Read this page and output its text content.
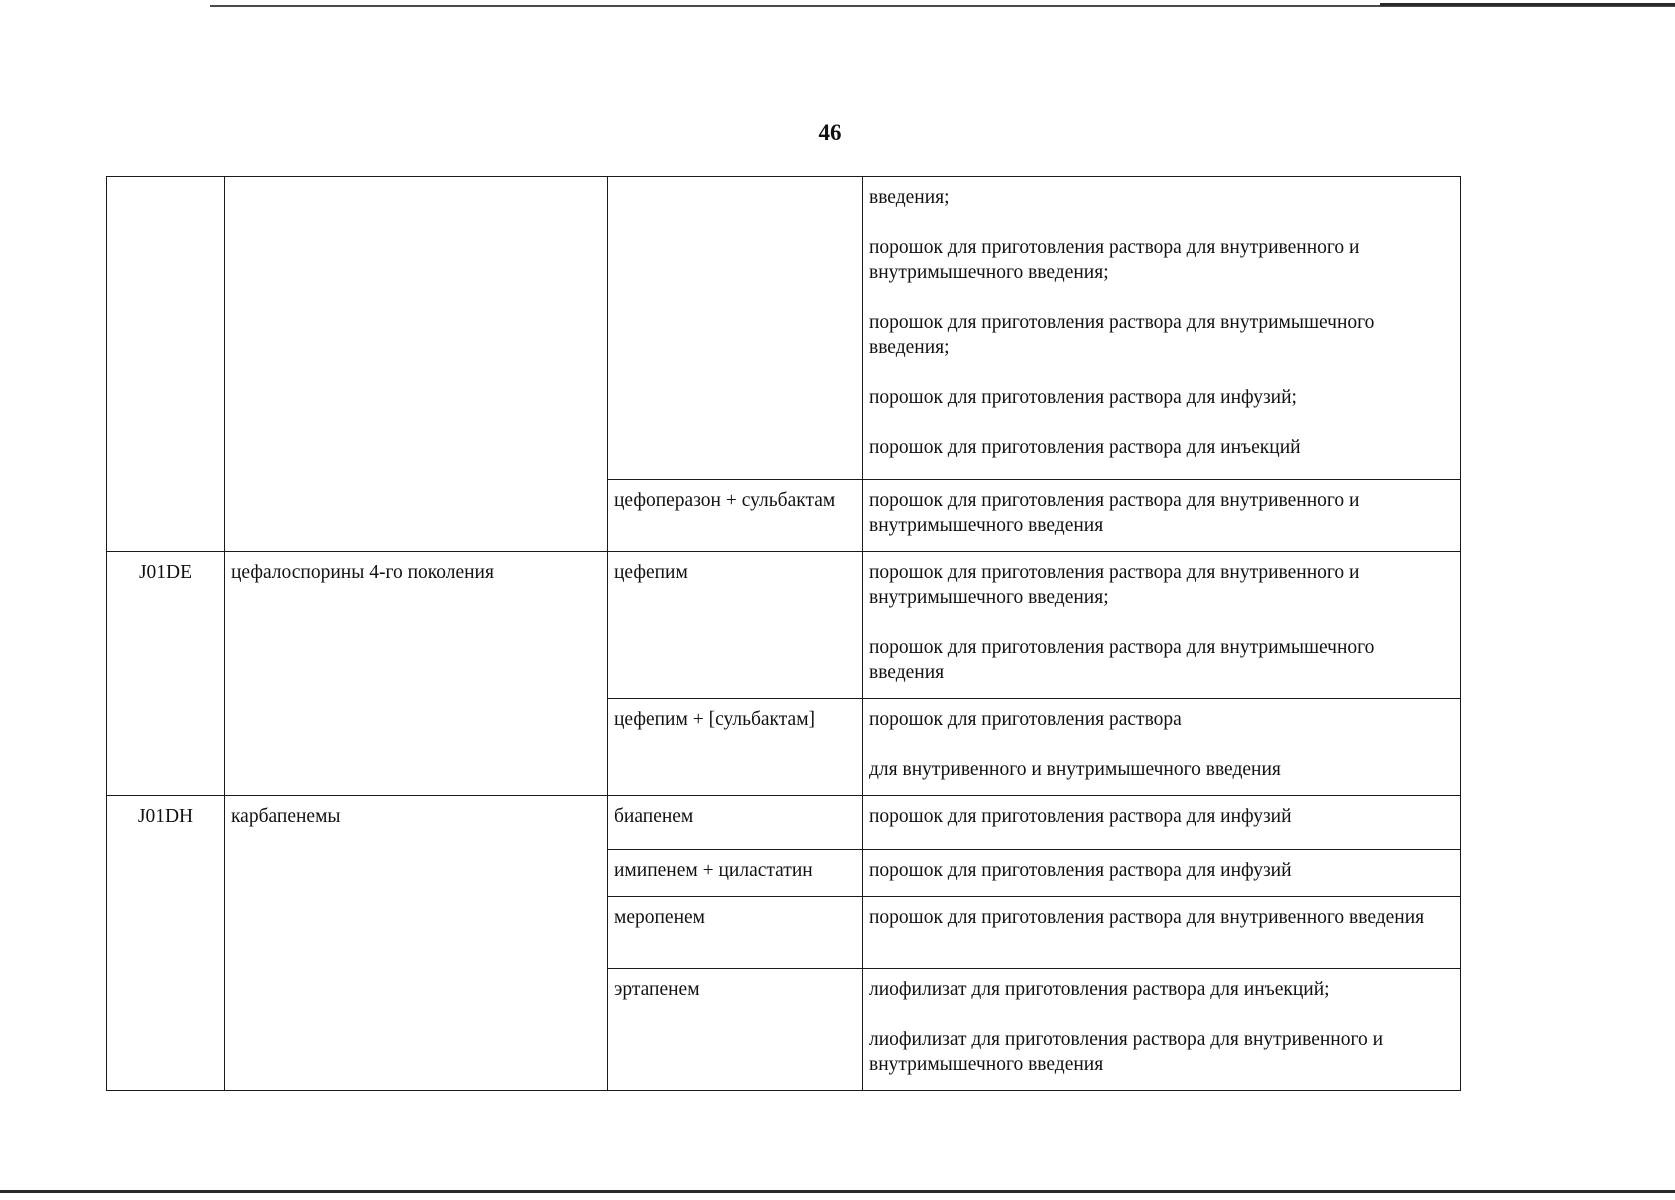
46

			введения;
порошок для приготовления раствора для внутривенного и внутримышечного введения;
порошок для приготовления раствора для внутримышечного введения;
порошок для приготовления раствора для инфузий;
порошок для приготовления раствора для инъекций

		цефоперазон + сульбактам	порошок для приготовления раствора для внутривенного и внутримышечного введения

J01DE	цефалоспорины 4-го поколения	цефепим	порошок для приготовления раствора для внутривенного и внутримышечного введения;
порошок для приготовления раствора для внутримышечного введения

		цефепим + [сульбактам]	порошок для приготовления раствора
для внутривенного и внутримышечного введения

J01DH	карбапенемы	биапенем	порошок для приготовления раствора для инфузий

		имипенем + циластатин	порошок для приготовления раствора для инфузий

		меропенем	порошок для приготовления раствора для внутривенного введения

		эртапенем	лиофилизат для приготовления раствора для инъекций;
лиофилизат для приготовления раствора для внутривенного и внутримышечного введения
